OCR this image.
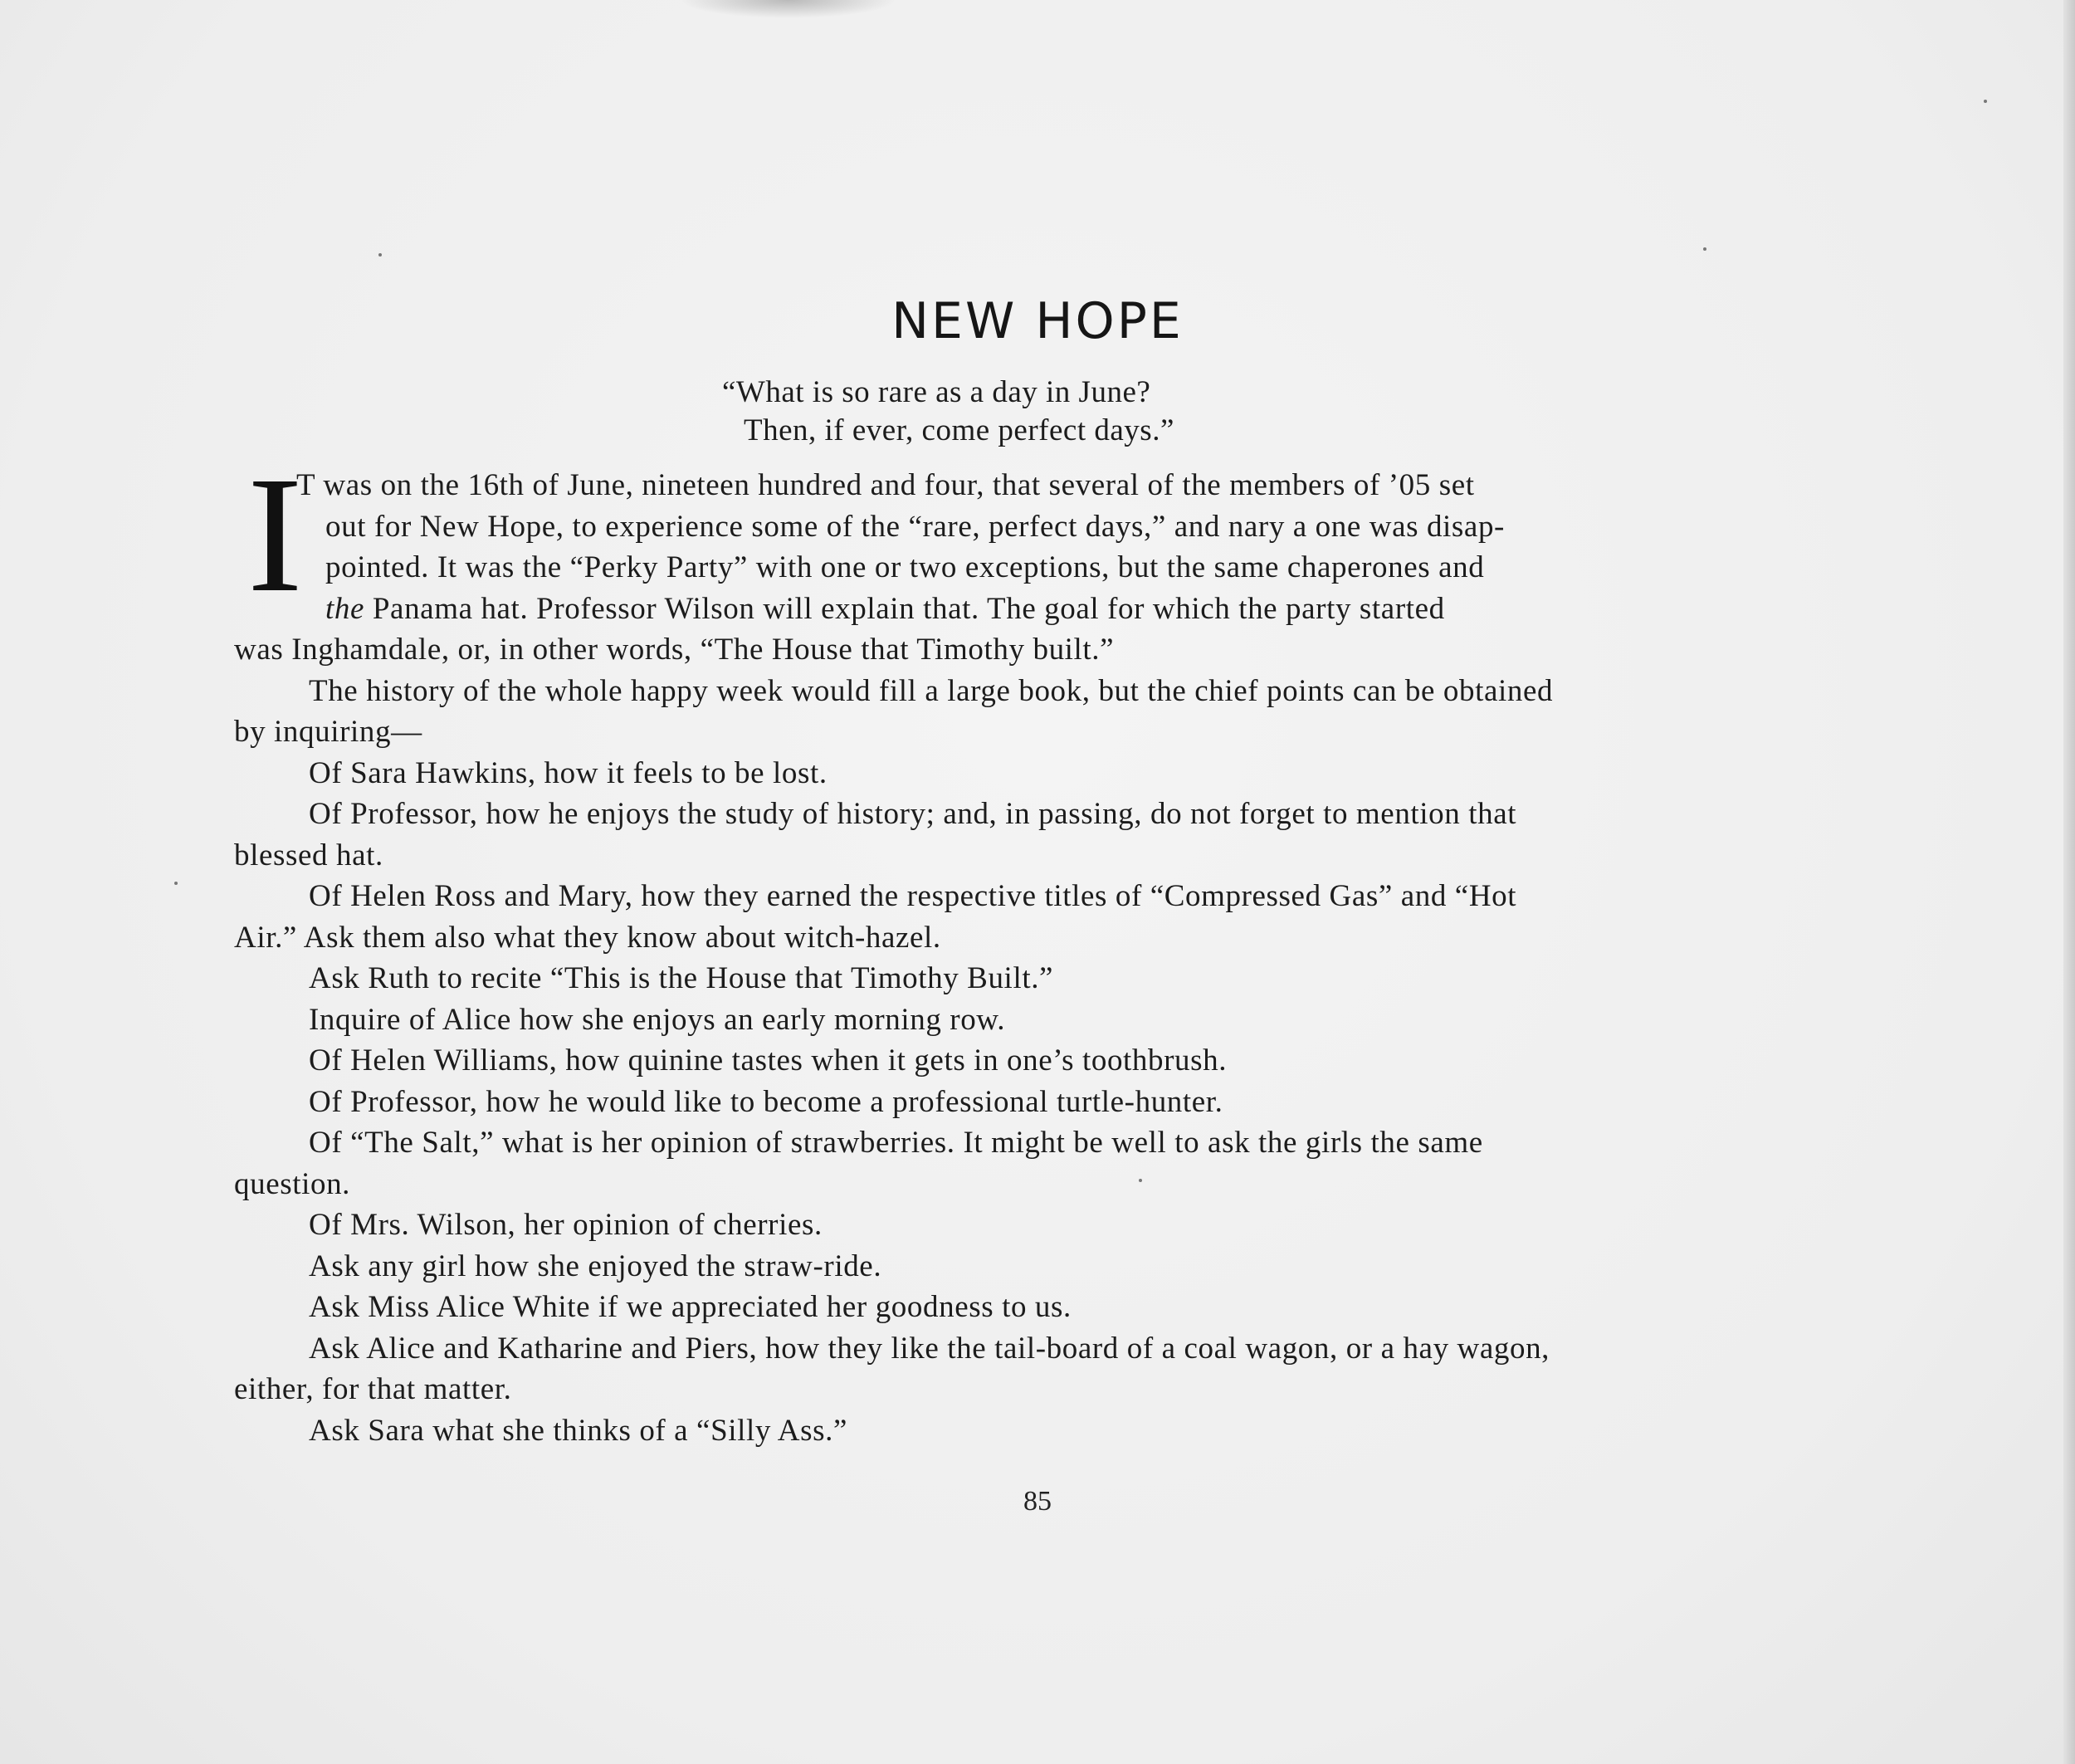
NEW HOPE
“What is so rare as a day in June?
Then, if ever, come perfect days.”
I
T was on the 16th of June, nineteen hundred and four, that several of the members of ’05 set
out for New Hope, to experience some of the “rare, perfect days,” and nary a one was disap-
pointed. It was the “Perky Party” with one or two exceptions, but the same chaperones and
the Panama hat. Professor Wilson will explain that. The goal for which the party started
was Inghamdale, or, in other words, “The House that Timothy built.”
The history of the whole happy week would fill a large book, but the chief points can be obtained
by inquiring—
Of Sara Hawkins, how it feels to be lost.
Of Professor, how he enjoys the study of history; and, in passing, do not forget to mention that
blessed hat.
Of Helen Ross and Mary, how they earned the respective titles of “Compressed Gas” and “Hot
Air.” Ask them also what they know about witch-hazel.
Ask Ruth to recite “This is the House that Timothy Built.”
Inquire of Alice how she enjoys an early morning row.
Of Helen Williams, how quinine tastes when it gets in one’s toothbrush.
Of Professor, how he would like to become a professional turtle-hunter.
Of “The Salt,” what is her opinion of strawberries. It might be well to ask the girls the same
question.
Of Mrs. Wilson, her opinion of cherries.
Ask any girl how she enjoyed the straw-ride.
Ask Miss Alice White if we appreciated her goodness to us.
Ask Alice and Katharine and Piers, how they like the tail-board of a coal wagon, or a hay wagon,
either, for that matter.
Ask Sara what she thinks of a “Silly Ass.”
85
